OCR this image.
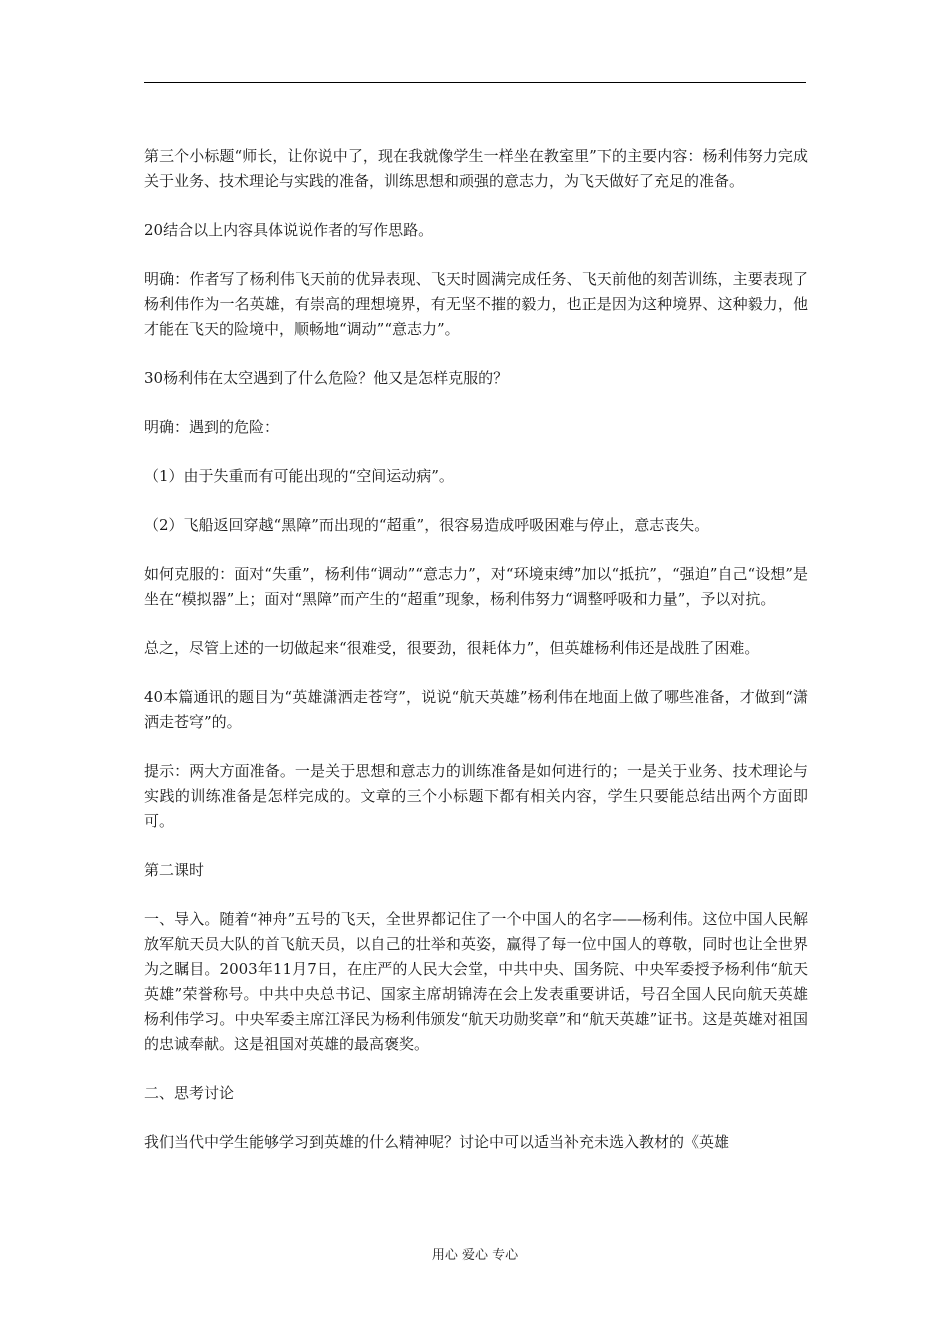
第三个小标题“师长，让你说中了，现在我就像学生一样坐在教室里”下的主要内容：杨利伟努力完成关于业务、技术理论与实践的准备，训练思想和顽强的意志力，为飞天做好了充足的准备。

20结合以上内容具体说说作者的写作思路。

明确：作者写了杨利伟飞天前的优异表现、飞天时圆满完成任务、飞天前他的刻苦训练，主要表现了杨利伟作为一名英雄，有崇高的理想境界，有无坚不摧的毅力，也正是因为这种境界、这种毅力，他才能在飞天的险境中，顺畅地“调动”“意志力”。

30杨利伟在太空遇到了什么危险？他又是怎样克服的？

明确：遇到的危险：

（1）由于失重而有可能出现的“空间运动病”。

（2）飞船返回穿越“黑障”而出现的“超重”，很容易造成呼吸困难与停止，意志丧失。

如何克服的：面对“失重”，杨利伟“调动”“意志力”，对“环境束缚”加以“抵抗”，“强迫”自己“设想”是坐在“模拟器”上；面对“黑障”而产生的“超重”现象，杨利伟努力“调整呼吸和力量”，予以对抗。

总之，尽管上述的一切做起来“很难受，很要劲，很耗体力”，但英雄杨利伟还是战胜了困难。

40本篇通讯的题目为“英雄潇洒走苍穹”，说说“航天英雄”杨利伟在地面上做了哪些准备，才做到“潇洒走苍穹”的。

提示：两大方面准备。一是关于思想和意志力的训练准备是如何进行的；一是关于业务、技术理论与实践的训练准备是怎样完成的。文章的三个小标题下都有相关内容，学生只要能总结出两个方面即可。

第二课时

一、导入。随着“神舟”五号的飞天，全世界都记住了一个中国人的名字——杨利伟。这位中国人民解放军航天员大队的首飞航天员，以自己的壮举和英姿，赢得了每一位中国人的尊敬，同时也让全世界为之瞩目。2003年11月7日，在庄严的人民大会堂，中共中央、国务院、中央军委授予杨利伟“航天英雄”荣誉称号。中共中央总书记、国家主席胡锦涛在会上发表重要讲话，号召全国人民向航天英雄杨利伟学习。中央军委主席江泽民为杨利伟颁发“航天功勋奖章”和“航天英雄”证书。这是英雄对祖国的忠诚奉献。这是祖国对英雄的最高褒奖。

二、思考讨论

我们当代中学生能够学习到英雄的什么精神呢？讨论中可以适当补充未选入教材的《英雄

用心 爱心 专心
